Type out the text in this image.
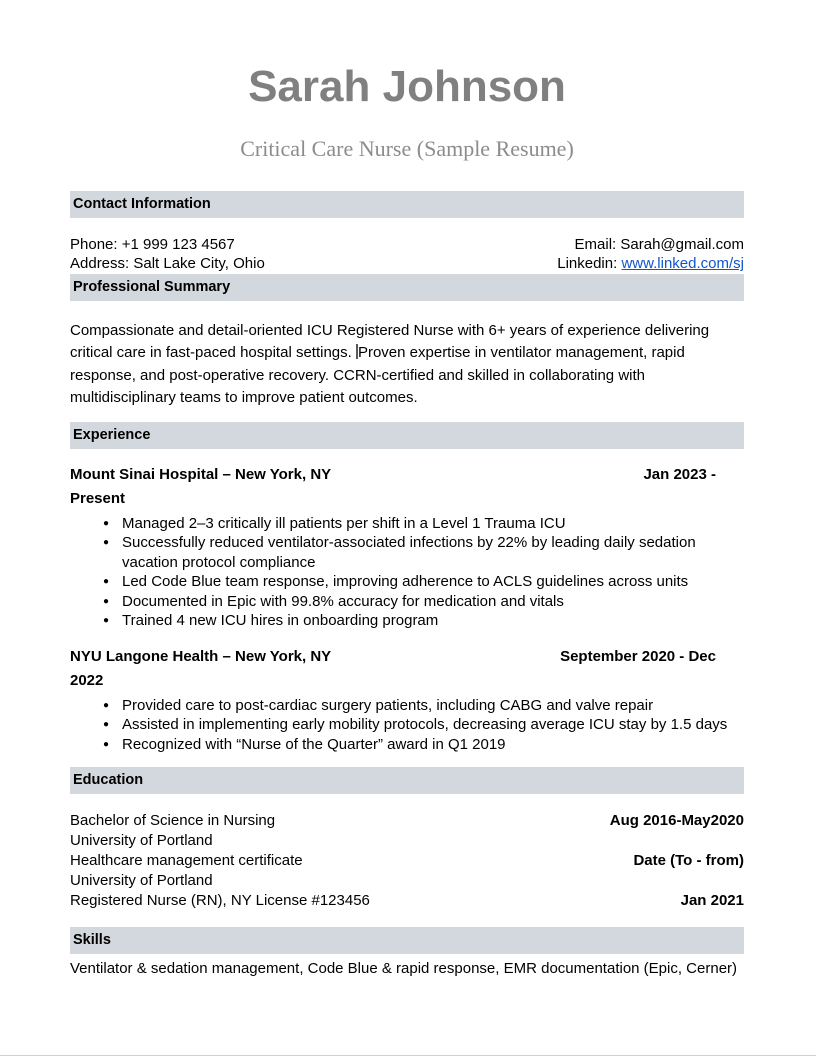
Sarah Johnson
Critical Care Nurse (Sample Resume)
Contact Information
Phone: +1 999 123 4567	Email: Sarah@gmail.com
Address: Salt Lake City, Ohio	Linkedin: www.linked.com/sj
Professional Summary

Compassionate and detail-oriented ICU Registered Nurse with 6+ years of experience delivering critical care in fast-paced hospital settings. Proven expertise in ventilator management, rapid response, and post-operative recovery. CCRN-certified and skilled in collaborating with multidisciplinary teams to improve patient outcomes.

Experience
Mount Sinai Hospital – New York, NY	Jan 2023 -
Present
● Managed 2–3 critically ill patients per shift in a Level 1 Trauma ICU
● Successfully reduced ventilator-associated infections by 22% by leading daily sedation vacation protocol compliance
● Led Code Blue team response, improving adherence to ACLS guidelines across units
● Documented in Epic with 99.8% accuracy for medication and vitals
● Trained 4 new ICU hires in onboarding program
NYU Langone Health – New York, NY	September 2020 - Dec
2022
● Provided care to post-cardiac surgery patients, including CABG and valve repair
● Assisted in implementing early mobility protocols, decreasing average ICU stay by 1.5 days
● Recognized with “Nurse of the Quarter” award in Q1 2019
Education
Bachelor of Science in Nursing	Aug 2016-May2020
University of Portland
Healthcare management certificate	Date (To - from)
University of Portland
Registered Nurse (RN), NY License #123456	Jan 2021
Skills
Ventilator & sedation management, Code Blue & rapid response, EMR documentation (Epic, Cerner)
